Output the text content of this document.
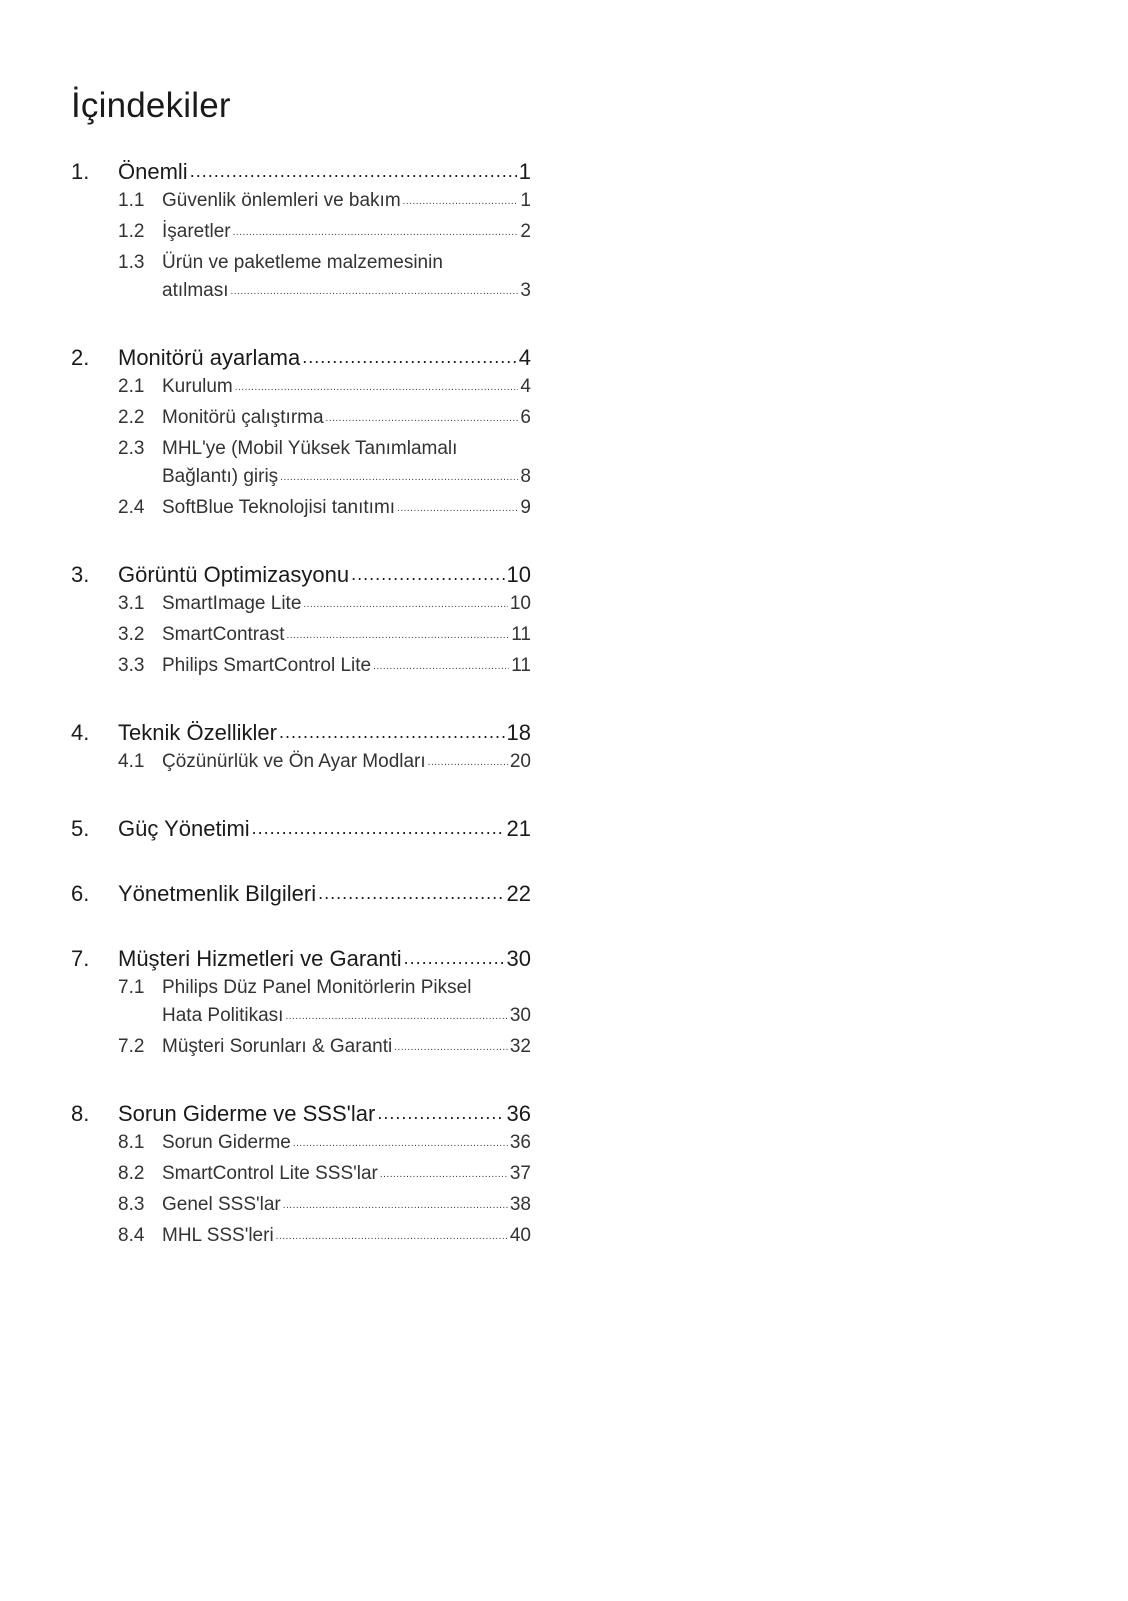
İçindekiler
1.	Önemli .....	1
1.1 Güvenlik önlemleri ve bakım .....	1
1.2 İşaretler .....	2
1.3 Ürün ve paketleme malzemesinin
atılması .....	3
2.	Monitörü ayarlama .....	4
2.1 Kurulum .....	4
2.2 Monitörü çalıştırma .....	6
2.3 MHL'ye (Mobil Yüksek Tanımlamalı
Bağlantı) giriş .....	8
2.4 SoftBlue Teknolojisi tanıtımı .....	9
3.	Görüntü Optimizasyonu .....	10
3.1 SmartImage Lite .....	10
3.2 SmartContrast .....	11
3.3 Philips SmartControl Lite .....	11
4.	Teknik Özellikler .....	18
4.1 Çözünürlük ve Ön Ayar Modları .....	20
5.	Güç Yönetimi .....	21
6.	Yönetmenlik Bilgileri .....	22
7.	Müşteri Hizmetleri ve Garanti .....	30
7.1 Philips Düz Panel Monitörlerin Piksel
Hata Politikası .....	30
7.2 Müşteri Sorunları & Garanti .....	32
8.	Sorun Giderme ve SSS'lar .....	36
8.1 Sorun Giderme .....	36
8.2 SmartControl Lite SSS'lar .....	37
8.3 Genel SSS'lar .....	38
8.4 MHL SSS'leri .....	40
